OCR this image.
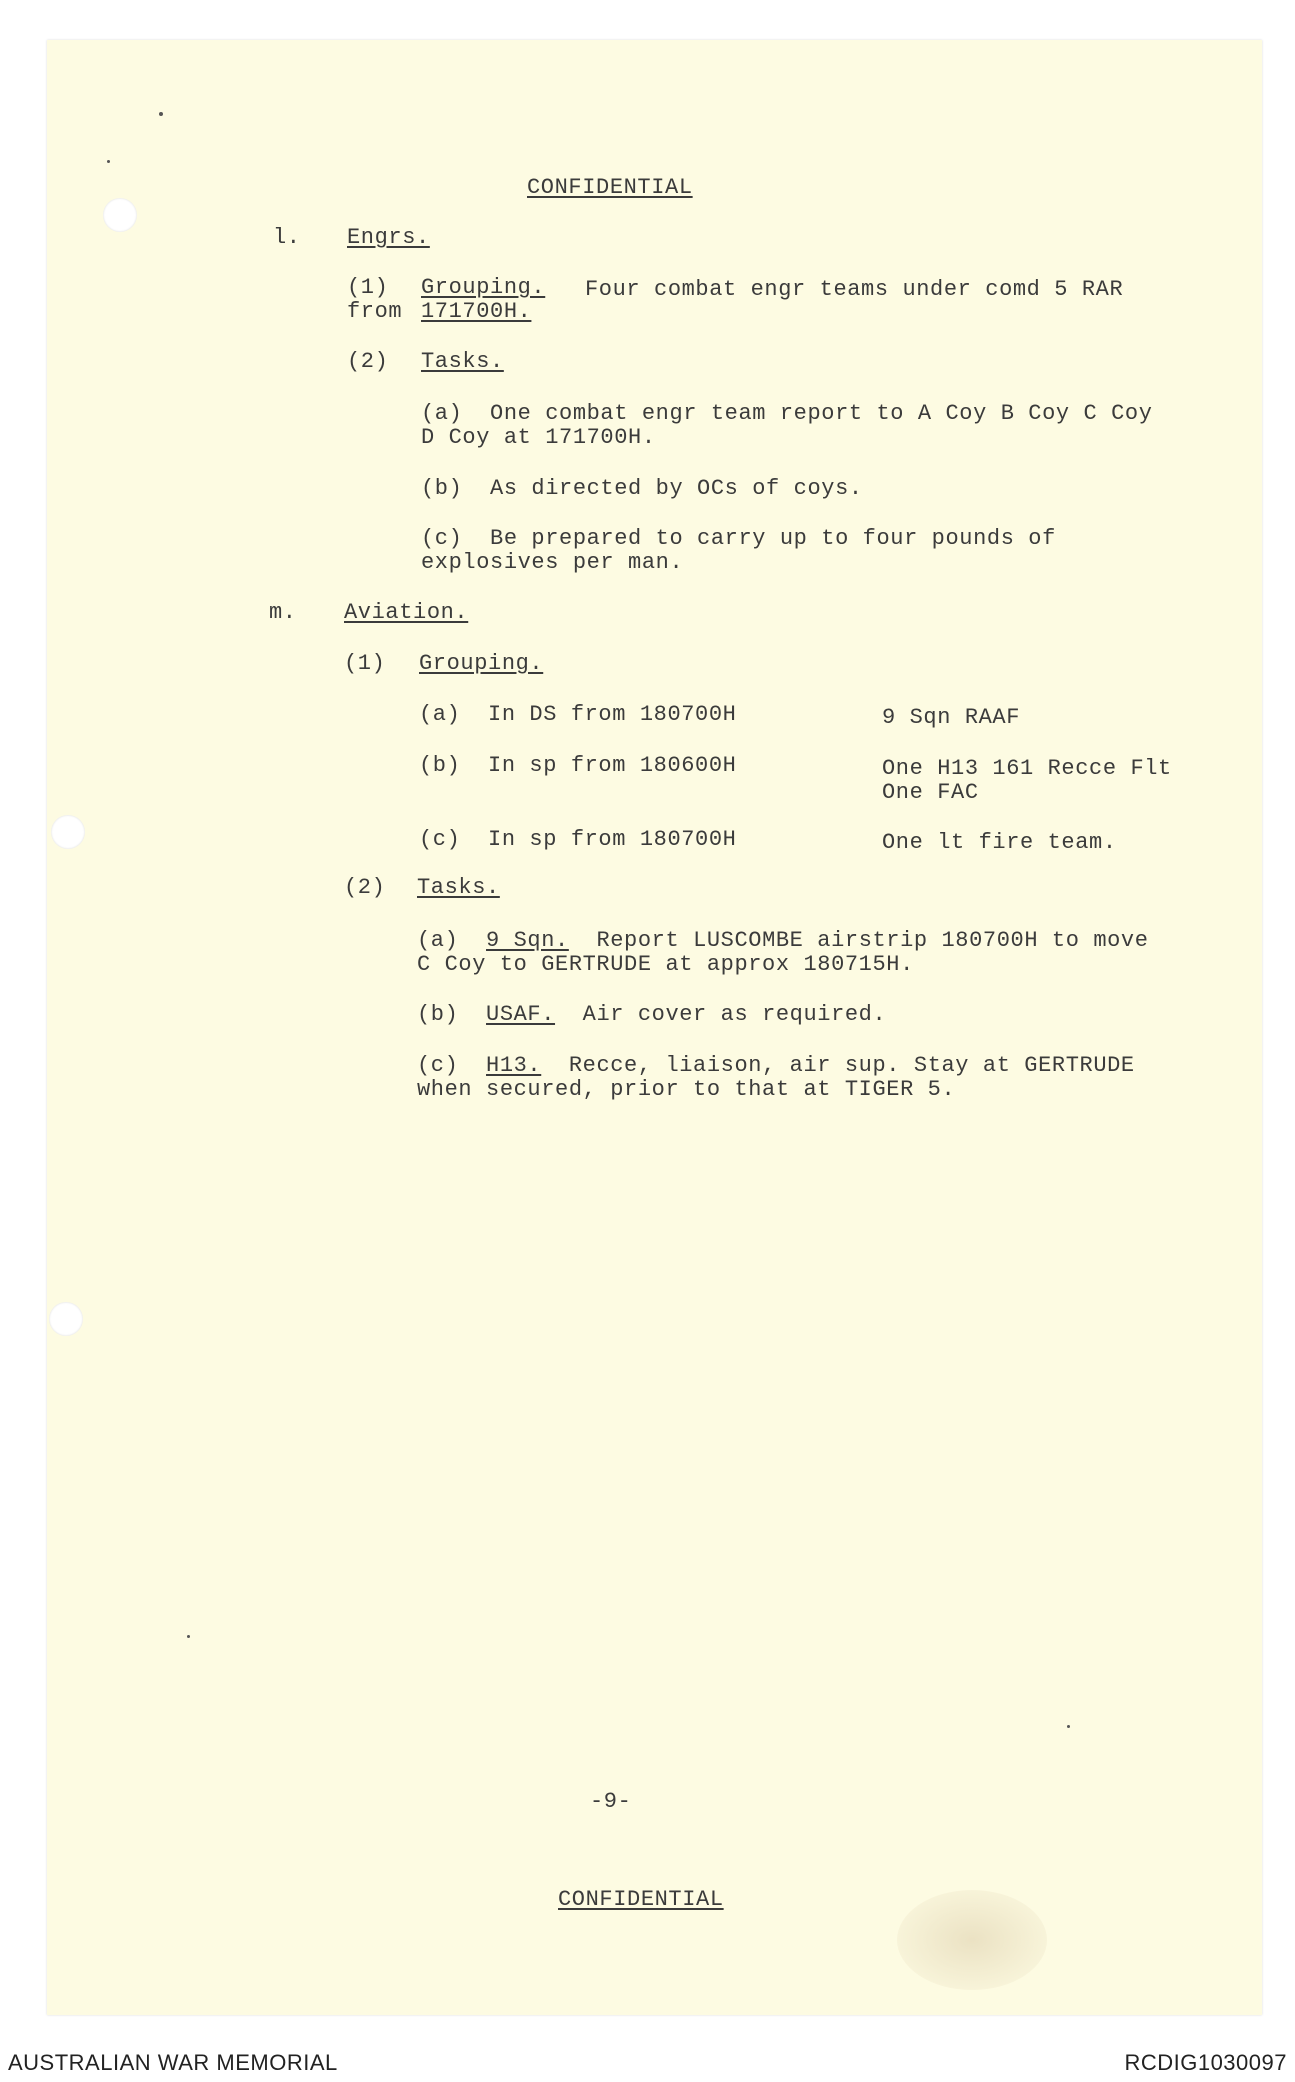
CONFIDENTIAL
l. Engrs.
(1) Grouping. Four combat engr teams under comd 5 RAR
from 171700H.
(2) Tasks.
(a)  One combat engr team report to A Coy B Coy C Coy
D Coy at 171700H.
(b)  As directed by OCs of coys.
(c)  Be prepared to carry up to four pounds of
explosives per man.
m. Aviation.
(1) Grouping.
(a)  In DS from 180700H	9 Sqn RAAF
(b)  In sp from 180600H	One H13 161 Recce Flt
One FAC
(c)  In sp from 180700H	One lt fire team.
(2) Tasks.
(a)  9 Sqn.  Report LUSCOMBE airstrip 180700H to move
C Coy to GERTRUDE at approx 180715H.
(b)  USAF.  Air cover as required.
(c)  H13.  Recce, liaison, air sup. Stay at GERTRUDE
when secured, prior to that at TIGER 5.
-9-
CONFIDENTIAL
AUSTRALIAN WAR MEMORIAL	RCDIG1030097
